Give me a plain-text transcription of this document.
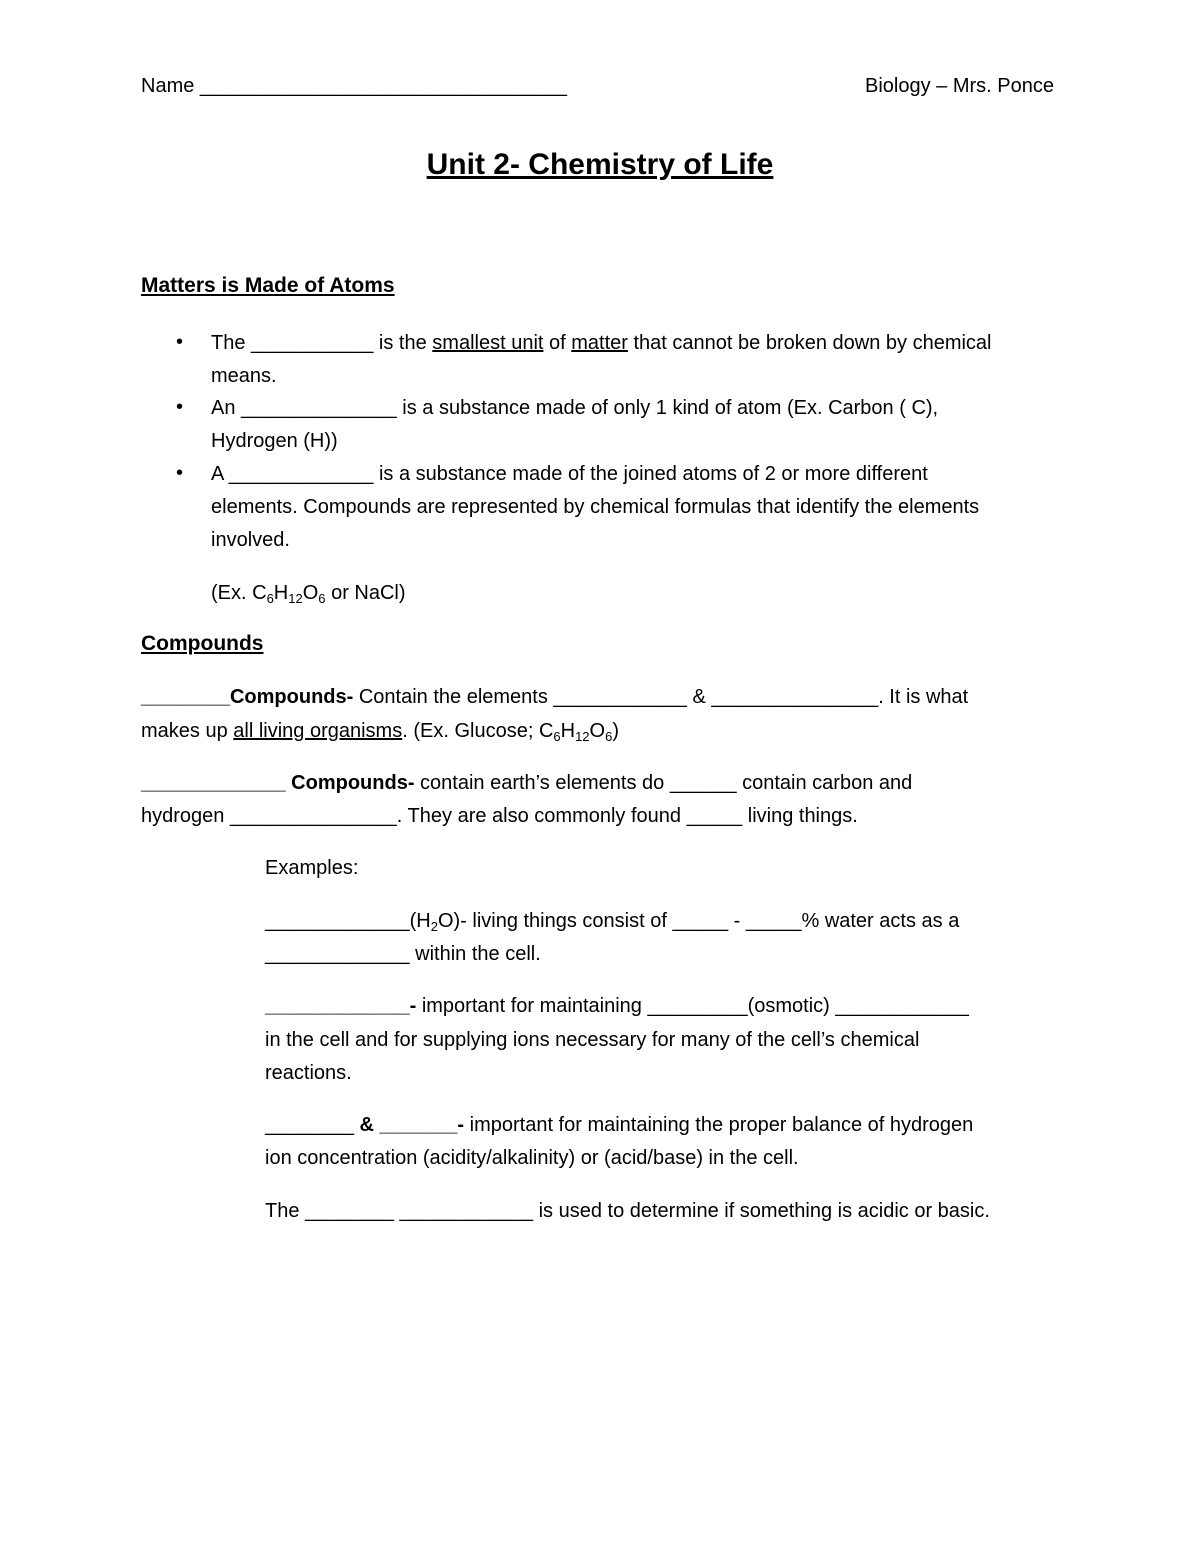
Name _________________________________	Biology – Mrs. Ponce
Unit 2- Chemistry of Life
Matters is Made of Atoms
• The ___________ is the smallest unit of matter that cannot be broken down by chemical
means.
• An ______________ is a substance made of only 1 kind of atom (Ex. Carbon ( C),
Hydrogen (H))
• A _____________ is a substance made of the joined atoms of 2 or more different
elements. Compounds are represented by chemical formulas that identify the elements
involved.
(Ex. $C_6H_{12}O_6$ or NaCl)
Compounds
________Compounds- Contain the elements ____________ & _______________. It is what
makes up all living organisms. (Ex. Glucose; $C_6H_{12}O_6$)
_____________ Compounds- contain earth’s elements do ______ contain carbon and
hydrogen _______________. They are also commonly found _____ living things.
Examples:
$\_\_\_\_\_\_\_\_\_\_\_\_\_(H_2O)-$ living things consist of _____ - _____% water acts as a
_____________ within the cell.
_____________- important for maintaining _________(osmotic) ____________
in the cell and for supplying ions necessary for many of the cell’s chemical
reactions.
________ & _______- important for maintaining the proper balance of hydrogen
ion concentration (acidity/alkalinity) or (acid/base) in the cell.
The ________ ____________ is used to determine if something is acidic or basic.
